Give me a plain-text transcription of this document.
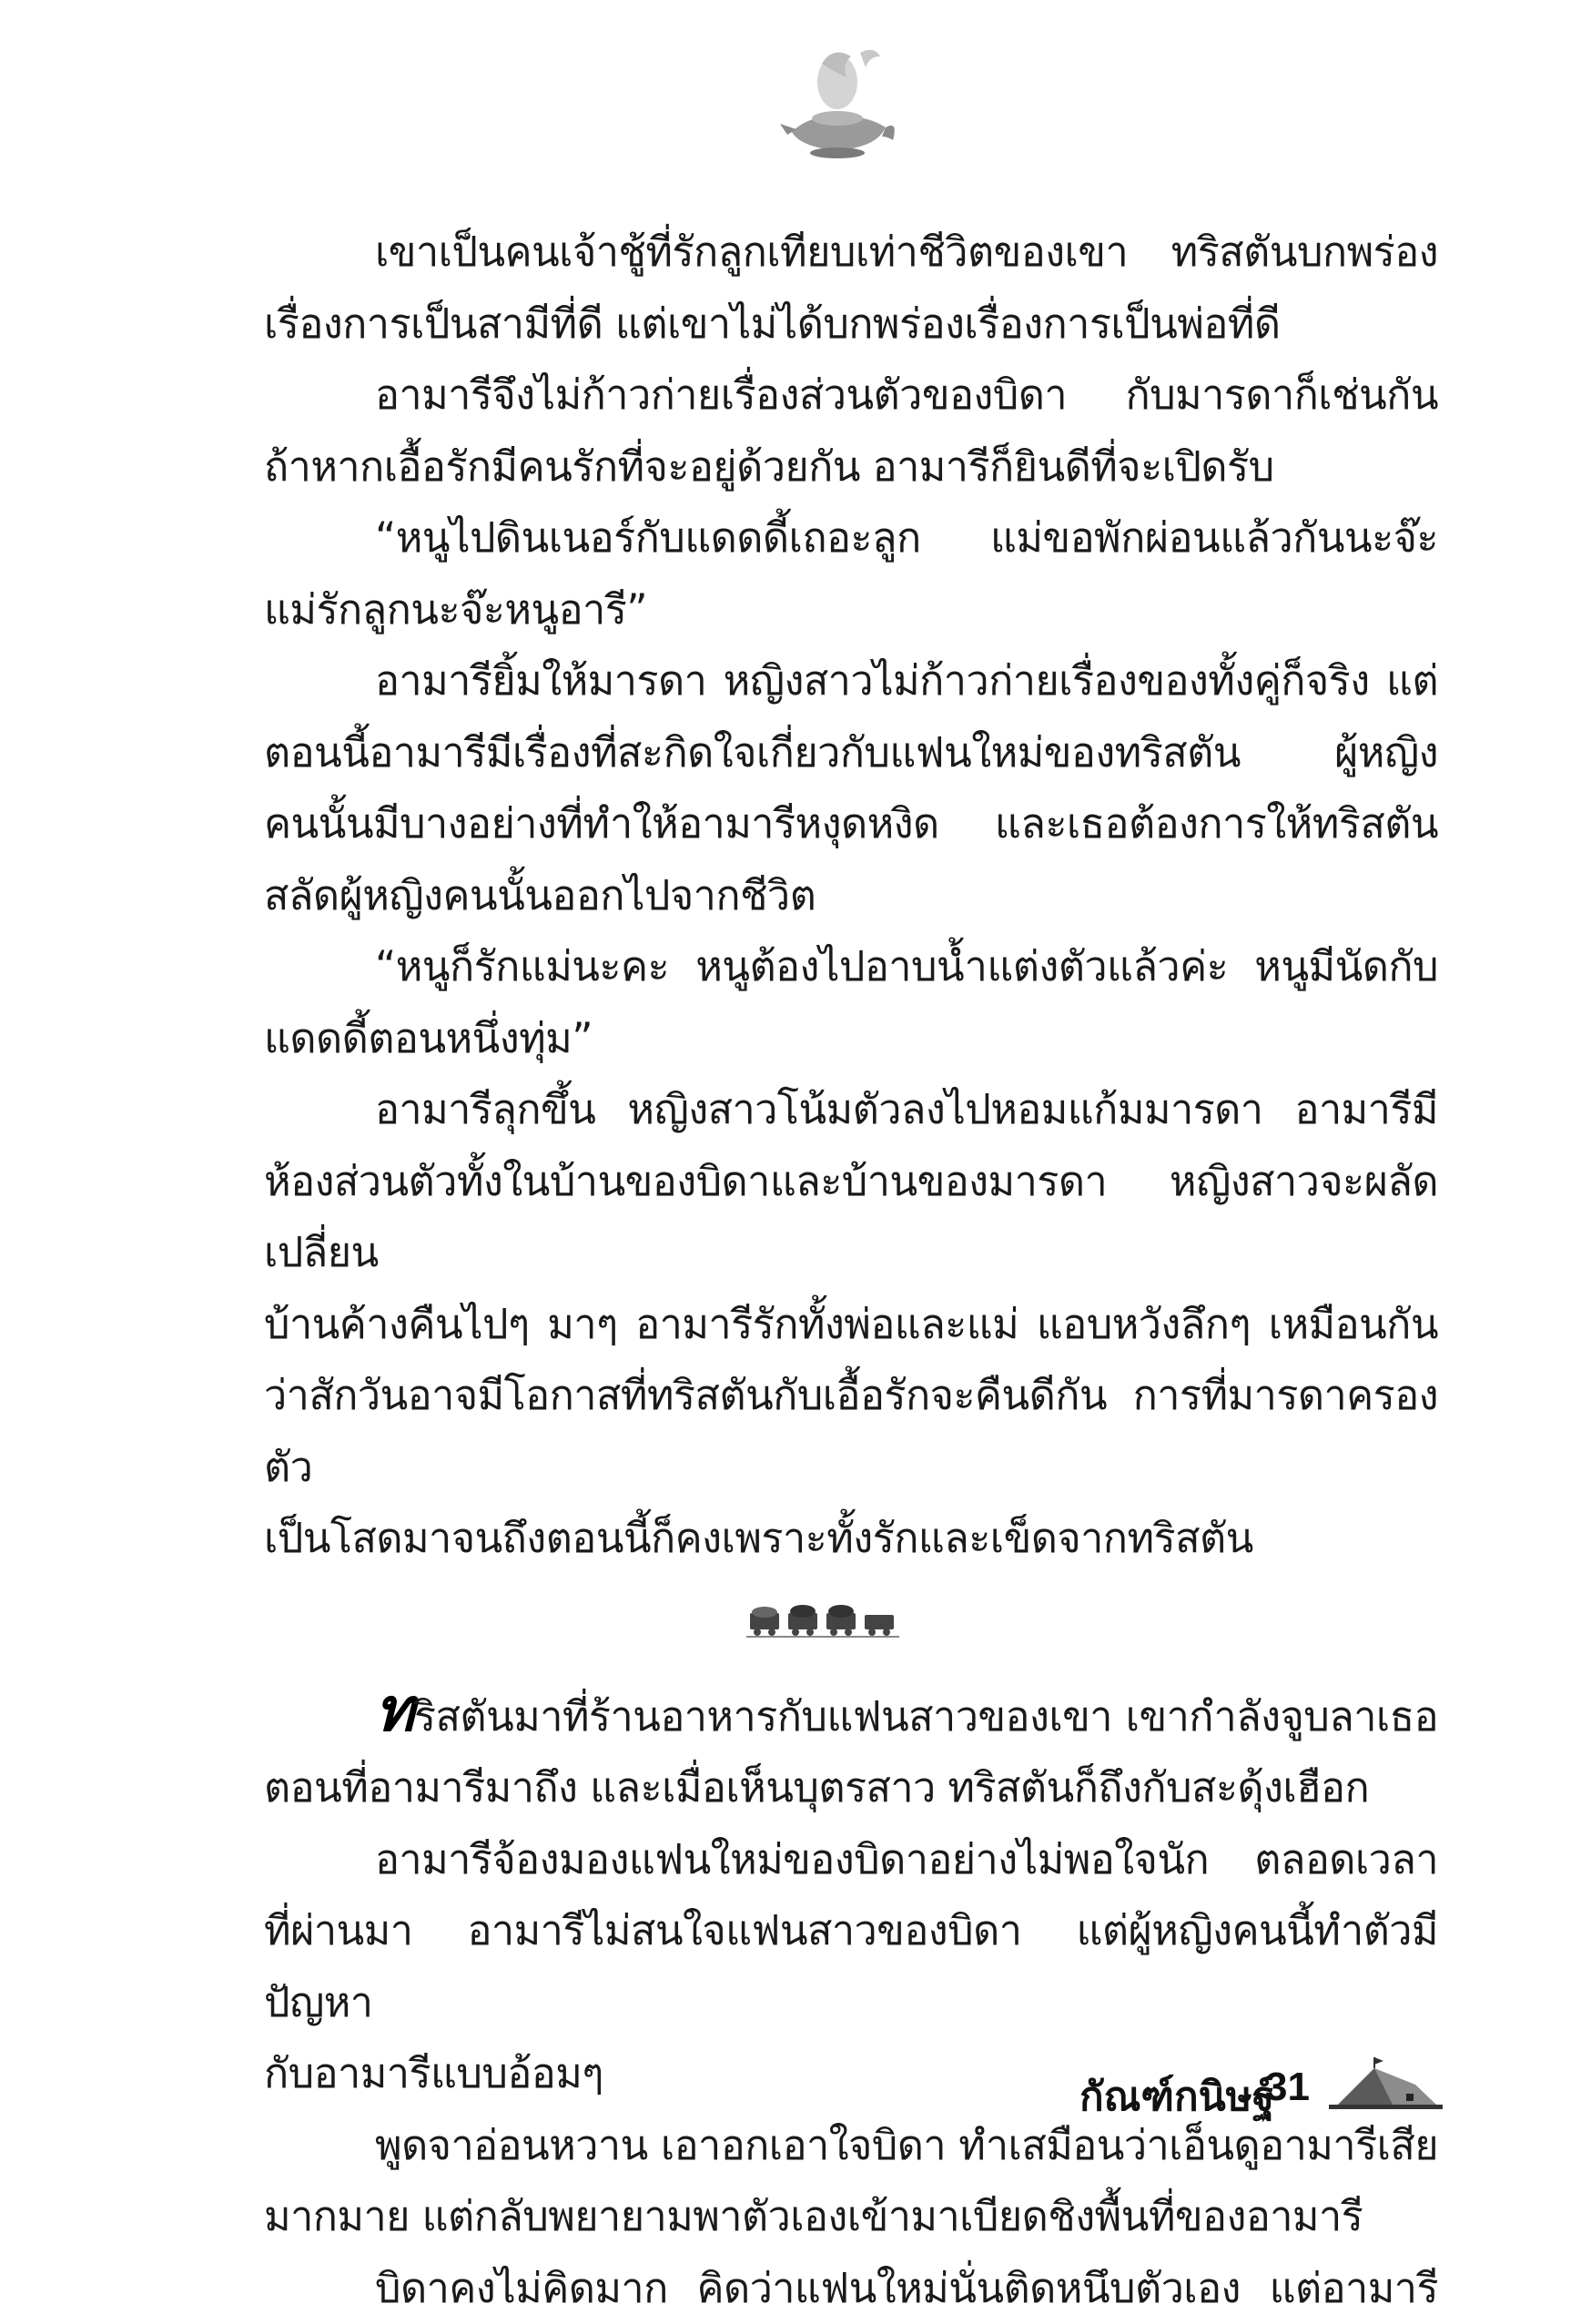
เขาเป็นคนเจ้าชู้ที่รักลูกเทียบเท่าชีวิตของเขา ทริสตันบกพร่อง

เรื่องการเป็นสามีที่ดี แต่เขาไม่ได้บกพร่องเรื่องการเป็นพ่อที่ดี

อามารีจึงไม่ก้าวก่ายเรื่องส่วนตัวของบิดา กับมารดาก็เช่นกัน

ถ้าหากเอื้อรักมีคนรักที่จะอยู่ด้วยกัน อามารีก็ยินดีที่จะเปิดรับ

“หนูไปดินเนอร์กับแดดดี้เถอะลูก แม่ขอพักผ่อนแล้วกันนะจ๊ะ

แม่รักลูกนะจ๊ะหนูอารี”

อามารียิ้มให้มารดา หญิงสาวไม่ก้าวก่ายเรื่องของทั้งคู่ก็จริง แต่

ตอนนี้อามารีมีเรื่องที่สะกิดใจเกี่ยวกับแฟนใหม่ของทริสตัน ผู้หญิง

คนนั้นมีบางอย่างที่ทำให้อามารีหงุดหงิด และเธอต้องการให้ทริสตัน

สลัดผู้หญิงคนนั้นออกไปจากชีวิต

“หนูก็รักแม่นะคะ หนูต้องไปอาบน้ำแต่งตัวแล้วค่ะ หนูมีนัดกับ

แดดดี้ตอนหนึ่งทุ่ม”

อามารีลุกขึ้น หญิงสาวโน้มตัวลงไปหอมแก้มมารดา อามารีมี

ห้องส่วนตัวทั้งในบ้านของบิดาและบ้านของมารดา หญิงสาวจะผลัดเปลี่ยน

บ้านค้างคืนไปๆ มาๆ อามารีรักทั้งพ่อและแม่ แอบหวังลึกๆ เหมือนกัน

ว่าสักวันอาจมีโอกาสที่ทริสตันกับเอื้อรักจะคืนดีกัน การที่มารดาครองตัว

เป็นโสดมาจนถึงตอนนี้ก็คงเพราะทั้งรักและเข็ดจากทริสตัน

ทริสตันมาที่ร้านอาหารกับแฟนสาวของเขา เขากำลังจูบลาเธอ

ตอนที่อามารีมาถึง และเมื่อเห็นบุตรสาว ทริสตันก็ถึงกับสะดุ้งเฮือก

อามารีจ้องมองแฟนใหม่ของบิดาอย่างไม่พอใจนัก ตลอดเวลา

ที่ผ่านมา อามารีไม่สนใจแฟนสาวของบิดา แต่ผู้หญิงคนนี้ทำตัวมีปัญหา

กับอามารีแบบอ้อมๆ

พูดจาอ่อนหวาน เอาอกเอาใจบิดา ทำเสมือนว่าเอ็นดูอามารีเสีย

มากมาย แต่กลับพยายามพาตัวเองเข้ามาเบียดชิงพื้นที่ของอามารี

บิดาคงไม่คิดมาก คิดว่าแฟนใหม่นั่นติดหนึบตัวเอง แต่อามารี

กัณฑ์กนิษฐ์
31
